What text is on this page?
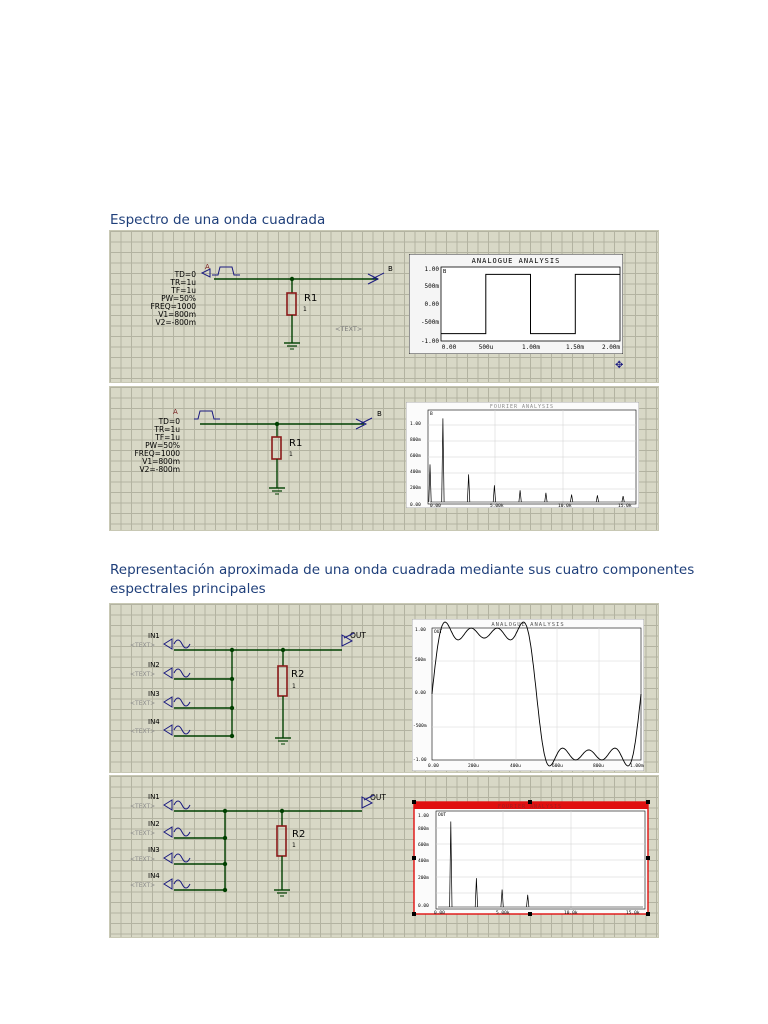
Espectro de una onda cuadrada
TD=0
TR=1u
TF=1u
PW=50%
FREQ=1000
V1=800m
V2=-800m
A
R1
1
<TEXT>
B
✥
ANALOGUE ANALYSIS
1.00
500m
0.00
-500m
-1.00
0.00	500u	1.00m	1.50m	2.00m
B
TD=0
TR=1u
TF=1u
PW=50%
FREQ=1000
V1=800m
V2=-800m
A
R1
1
B
FOURIER ANALYSIS
1.00
800m
600m
400m
200m
0.00
B
0.00	5.00k	10.0k	15.0k
Representación aproximada de una onda cuadrada mediante sus cuatro componentes
espectrales principales
OUT
R2
1
IN1
<TEXT>
IN2
<TEXT>
IN3
<TEXT>
IN4
<TEXT>
ANALOGUE ANALYSIS
1.00
500m
0.00
-500m
-1.00
OUT
0.00	200u	400u	600u	800u	1.00m
OUT
R2
1
IN1
<TEXT>
IN2
<TEXT>
IN3
<TEXT>
IN4
<TEXT>
FOURIER ANALYSIS
1.00
800m
600m
400m
200m
0.00
OUT
0.00	5.00k	10.0k	15.0k
